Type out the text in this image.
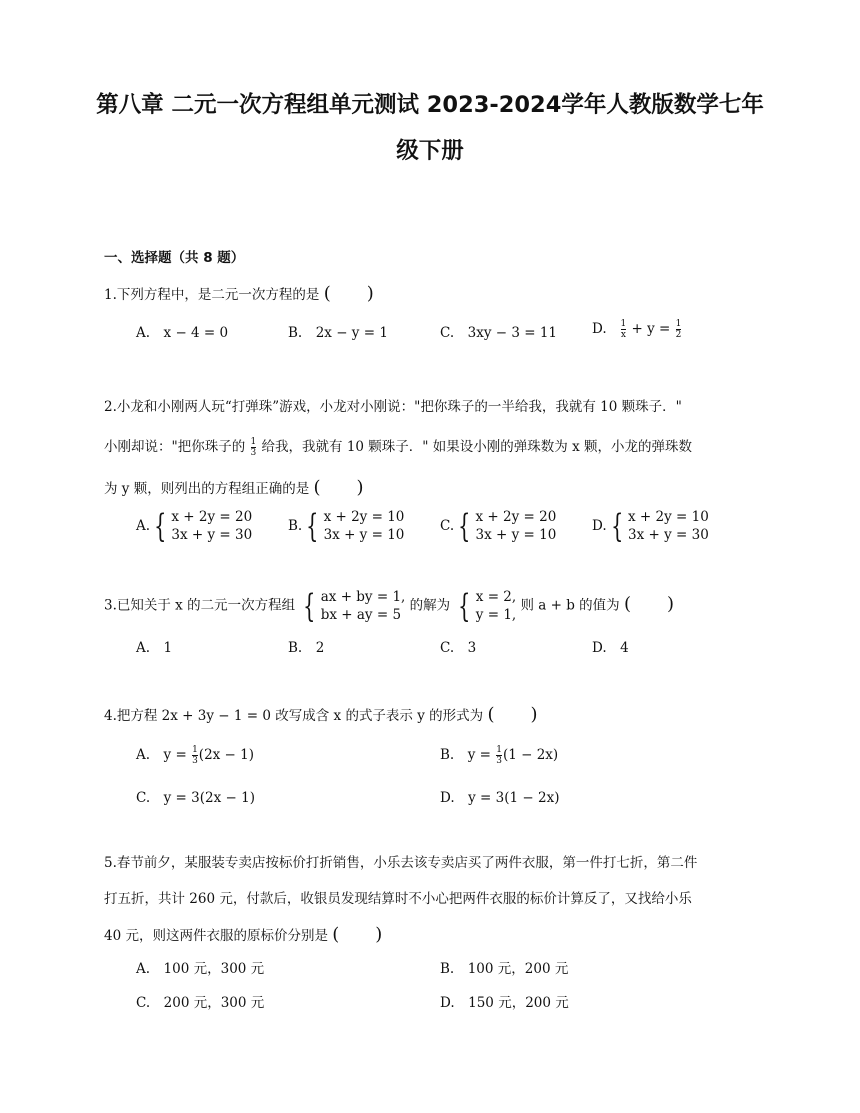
第八章 二元一次方程组单元测试 2023-2024学年人教版数学七年
级下册
一、选择题（共 8 题）
1.下列方程中，是二元一次方程的是 (　　)
A.　x − 4 = 0	B.　2x − y = 1	C.　3xy − 3 = 11	D. $\frac{1}{x} + y = \frac{1}{2}$
2.小龙和小刚两人玩“打弹珠”游戏，小龙对小刚说："把你珠子的一半给我，我就有 10 颗珠子．"
小刚却说："把你珠子的 $\frac{1}{3}$ 给我，我就有 10 颗珠子．" 如果设小刚的弹珠数为 x 颗，小龙的弹珠数
为 y 颗，则列出的方程组正确的是 (　　)
A. { x + 2y = 20
3x + y = 30
B. { x + 2y = 10
3x + y = 10
C. { x + 2y = 20
3x + y = 10
D. { x + 2y = 10
3x + y = 30
3.已知关于 x 的二元一次方程组 { ax + by = 1,
bx + ay = 5
的解为 { x = 2,
y = 1,
则 a + b 的值为 (　　)
A.　1	B.　2	C.　3	D.　4
4.把方程 2x + 3y − 1 = 0 改写成含 x 的式子表示 y 的形式为 (　　)
A.　$y = \frac{1}{3} (2x - 1)$	B.　$y = \frac{1}{3} (1 - 2x)$
C.　y = 3(2x − 1)	D.　y = 3(1 − 2x)
5.春节前夕，某服装专卖店按标价打折销售，小乐去该专卖店买了两件衣服，第一件打七折，第二件
打五折，共计 260 元，付款后，收银员发现结算时不小心把两件衣服的标价计算反了，又找给小乐
40 元，则这两件衣服的原标价分别是 (　　)
A.　100 元，300 元	B.　100 元，200 元
C.　200 元，300 元	D.　150 元，200 元
